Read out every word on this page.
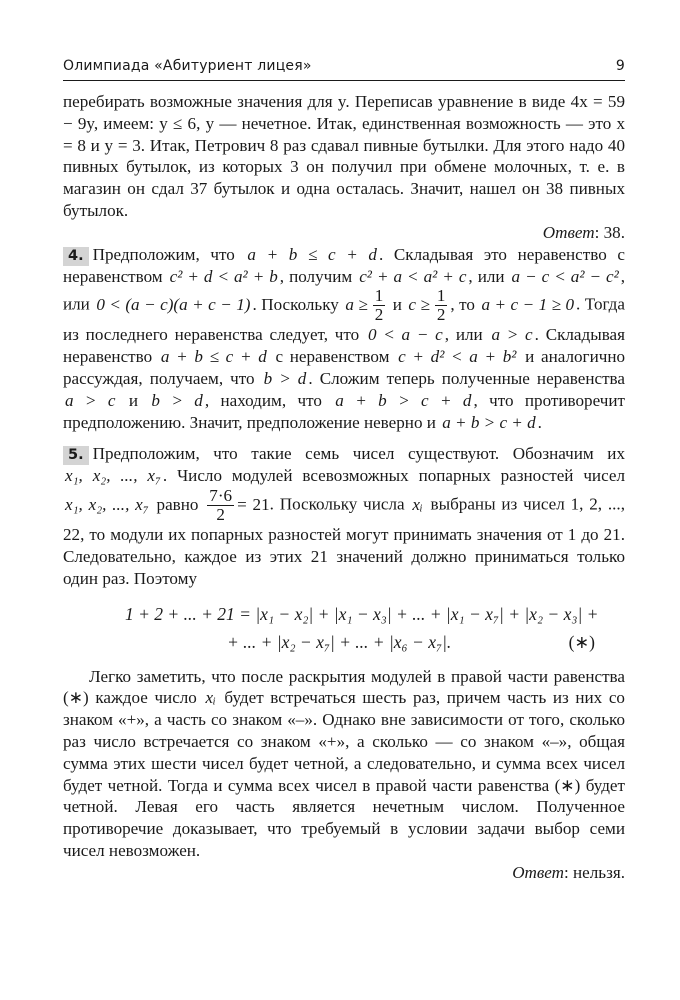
Олимпиада «Абитуриент лицея»	9

перебирать возможные значения для y. Переписав уравнение в виде 4x = 59 − 9y, имеем: y ≤ 6, y — нечетное. Итак, единственная возможность — это x = 8 и y = 3. Итак, Петрович 8 раз сдавал пивные бутылки. Для этого надо 40 пивных бутылок, из которых 3 он получил при обмене молочных, т. е. в магазин он сдал 37 бутылок и одна осталась. Значит, нашел он 38 пивных бутылок.

Ответ: 38.

4. Предположим, что a + b ≤ c + d . Складывая это неравенство с неравенством c² + d < a² + b , получим c² + a < a² + c , или a − c < a² − c² , или 0 < (a − c)(a + c − 1) . Поскольку $a \ge \frac{1}{2}$ и $c \ge \frac{1}{2}$ , то a + c − 1 ≥ 0 . Тогда из последнего неравенства следует, что 0 < a − c , или a > c . Складывая неравенство a + b ≤ c + d с неравенством c + d² < a + b² и аналогично рассуждая, получаем, что b > d . Сложим теперь полученные неравенства a > c и b > d , находим, что a + b > c + d , что противоречит предположению. Значит, предположение неверно и a + b > c + d .

5. Предположим, что такие семь чисел существуют. Обозначим их x₁, x₂, ..., x₇ . Число модулей всевозможных попарных разностей чисел x₁, x₂, ..., x₇ равно $\frac{7\cdot 6}{2} = 21$. Поскольку числа xᵢ выбраны из чисел 1, 2, ..., 22, то модули их попарных разностей могут принимать значения от 1 до 21. Следовательно, каждое из этих 21 значений должно приниматься только один раз. Поэтому

1 + 2 + ... + 21 = |x₁ − x₂| + |x₁ − x₃| + ... + |x₁ − x₇| + |x₂ − x₃| +
+ ... + |x₂ − x₇| + ... + |x₆ − x₇|.	(∗)

Легко заметить, что после раскрытия модулей в правой части равенства (∗) каждое число xᵢ будет встречаться шесть раз, причем часть из них со знаком «+», а часть со знаком «–». Однако вне зависимости от того, сколько раз число встречается со знаком «+», а сколько — со знаком «–», общая сумма этих шести чисел будет четной, а следовательно, и сумма всех чисел будет четной. Тогда и сумма всех чисел в правой части равенства (∗) будет четной. Левая его часть является нечетным числом. Полученное противоречие доказывает, что требуемый в условии задачи выбор семи чисел невозможен.

Ответ: нельзя.
